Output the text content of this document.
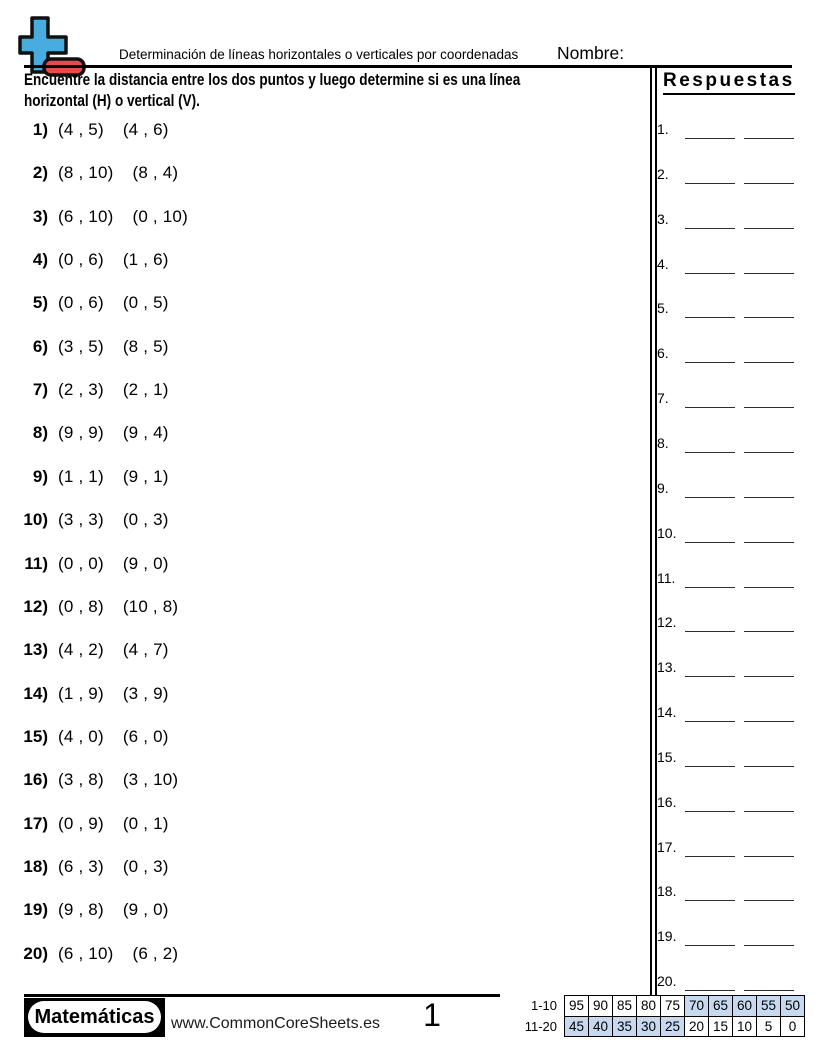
Determinación de líneas horizontales o verticales por coordenadas Nombre:
Encuentre la distancia entre los dos puntos y luego determine si es una línea
horizontal (H) o vertical (V).
1) (4 , 5) (4 , 6)
2) (8 , 10) (8 , 4)
3) (6 , 10) (0 , 10)
4) (0 , 6) (1 , 6)
5) (0 , 6) (0 , 5)
6) (3 , 5) (8 , 5)
7) (2 , 3) (2 , 1)
8) (9 , 9) (9 , 4)
9) (1 , 1) (9 , 1)
10) (3 , 3) (0 , 3)
11) (0 , 0) (9 , 0)
12) (0 , 8) (10 , 8)
13) (4 , 2) (4 , 7)
14) (1 , 9) (3 , 9)
15) (4 , 0) (6 , 0)
16) (3 , 8) (3 , 10)
17) (0 , 9) (0 , 1)
18) (6 , 3) (0 , 3)
19) (9 , 8) (9 , 0)
20) (6 , 10) (6 , 2)
Respuestas
1.
2.
3.
4.
5.
6.
7.
8.
9.
10.
11.
12.
13.
14.
15.
16.
17.
18.
19.
20.
Matemáticas	www.CommonCoreSheets.es	1	1-10	95	90	85	80	75	70	65	60	55	50
11-20	45	40	35	30	25	20	15	10	5	0
